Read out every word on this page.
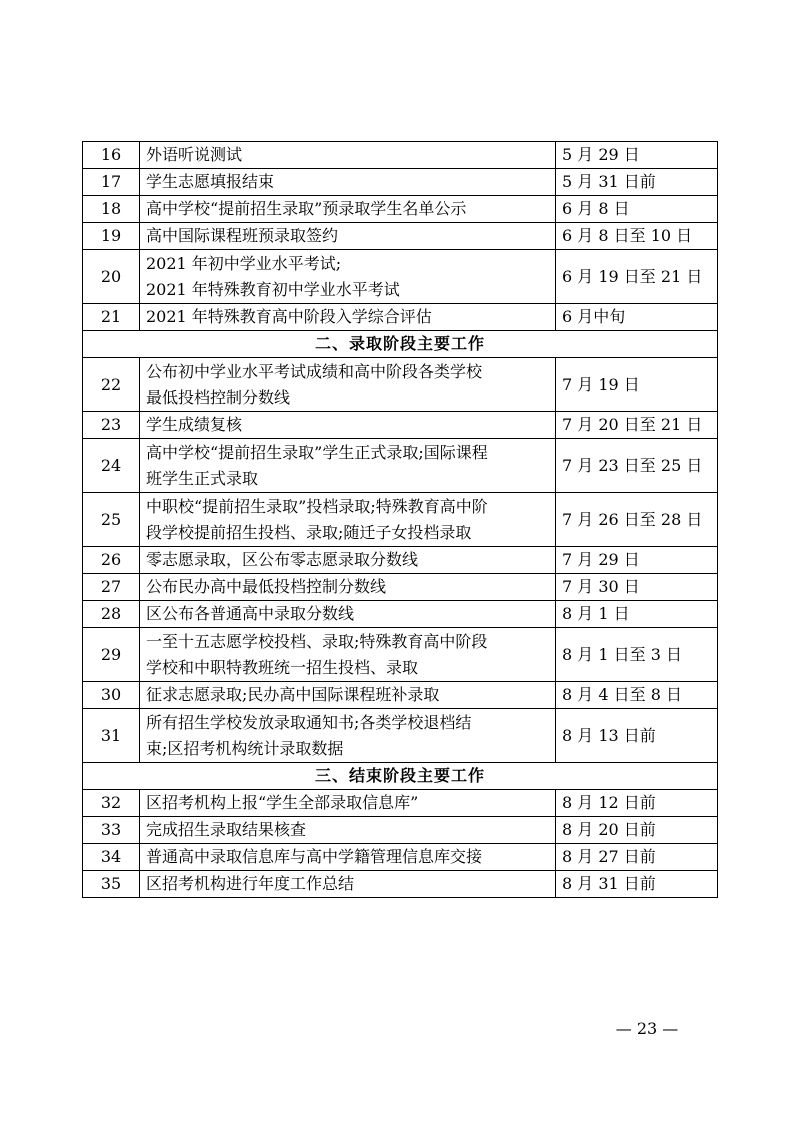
16	外语听说测试	5 月 29 日
17	学生志愿填报结束	5 月 31 日前
18	高中学校“提前招生录取”预录取学生名单公示	6 月 8 日
19	高中国际课程班预录取签约	6 月 8 日至 10 日
20	2021 年初中学业水平考试;
2021 年特殊教育初中学业水平考试	6 月 19 日至 21 日
21	2021 年特殊教育高中阶段入学综合评估	6 月中旬
二、录取阶段主要工作		
22	公布初中学业水平考试成绩和高中阶段各类学校
最低投档控制分数线	7 月 19 日
23	学生成绩复核	7 月 20 日至 21 日
24	高中学校“提前招生录取”学生正式录取;国际课程
班学生正式录取	7 月 23 日至 25 日
25	中职校“提前招生录取”投档录取;特殊教育高中阶
段学校提前招生投档、录取;随迁子女投档录取	7 月 26 日至 28 日
26	零志愿录取，区公布零志愿录取分数线	7 月 29 日
27	公布民办高中最低投档控制分数线	7 月 30 日
28	区公布各普通高中录取分数线	8 月 1 日
29	一至十五志愿学校投档、录取;特殊教育高中阶段
学校和中职特教班统一招生投档、录取	8 月 1 日至 3 日
30	征求志愿录取;民办高中国际课程班补录取	8 月 4 日至 8 日
31	所有招生学校发放录取通知书;各类学校退档结
束;区招考机构统计录取数据	8 月 13 日前
三、结束阶段主要工作		
32	区招考机构上报“学生全部录取信息库”	8 月 12 日前
33	完成招生录取结果核查	8 月 20 日前
34	普通高中录取信息库与高中学籍管理信息库交接	8 月 27 日前
35	区招考机构进行年度工作总结	8 月 31 日前
— 23 —
